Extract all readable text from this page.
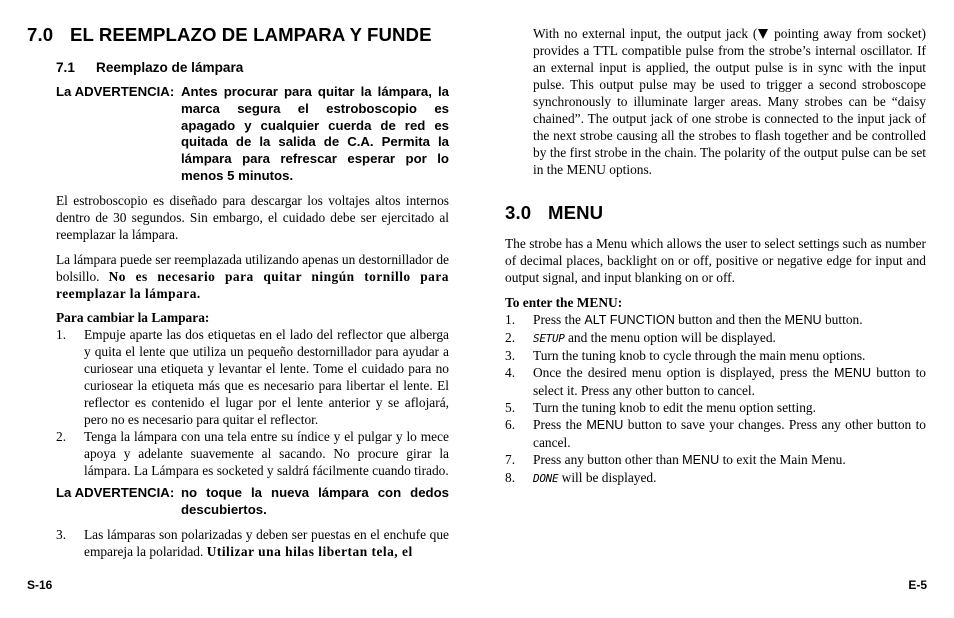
7.0 EL REEMPLAZO DE LAMPARA Y FUNDE
7.1 Reemplazo de lámpara
La ADVERTENCIA: Antes procurar para quitar la lámpara, la marca segura el estroboscopio es apagado y cualquier cuerda de red es quitada de la salida de C.A. Permita la lámpara para refrescar esperar por lo menos 5 minutos.
El estroboscopio es diseñado para descargar los voltajes altos internos dentro de 30 segundos. Sin embargo, el cuidado debe ser ejercitado al reemplazar la lámpara.
La lámpara puede ser reemplazada utilizando apenas un destornillador de bolsillo. No es necesario para quitar ningún tornillo para reemplazar la lámpara.
Para cambiar la Lampara:
1. Empuje aparte las dos etiquetas en el lado del reflector que alberga y quita el lente que utiliza un pequeño destornillador para ayudar a curiosear una etiqueta y levantar el lente. Tome el cuidado para no curiosear la etiqueta más que es necesario para libertar el lente. El reflector es contenido el lugar por el lente anterior y se aflojará, pero no es necesario para quitar el reflector.
2. Tenga la lámpara con una tela entre su índice y el pulgar y lo mece apoya y adelante suavemente al sacando. No procure girar la lámpara. La Lámpara es socketed y saldrá fácilmente cuando tirado.
La ADVERTENCIA: no toque la nueva lámpara con dedos descubiertos.
3. Las lámparas son polarizadas y deben ser puestas en el enchufe que empareja la polaridad. Utilizar una hilas libertan tela, el
With no external input, the output jack ( pointing away from socket) provides a TTL compatible pulse from the strobe’s internal oscillator. If an external input is applied, the output pulse is in sync with the input pulse. This output pulse may be used to trigger a second stroboscope synchronously to illuminate larger areas. Many strobes can be “daisy chained”. The output jack of one strobe is connected to the input jack of the next strobe causing all the strobes to flash together and be controlled by the first strobe in the chain. The polarity of the output pulse can be set in the MENU options.
3.0 MENU
The strobe has a Menu which allows the user to select settings such as number of decimal places, backlight on or off, positive or negative edge for input and output signal, and input blanking on or off.
To enter the MENU:
1. Press the ALT FUNCTION button and then the MENU button.
2. SETUP and the menu option will be displayed.
3. Turn the tuning knob to cycle through the main menu options.
4. Once the desired menu option is displayed, press the MENU button to select it. Press any other button to cancel.
5. Turn the tuning knob to edit the menu option setting.
6. Press the MENU button to save your changes. Press any other button to cancel.
7. Press any button other than MENU to exit the Main Menu.
8. DONE will be displayed.
S-16	E-5
